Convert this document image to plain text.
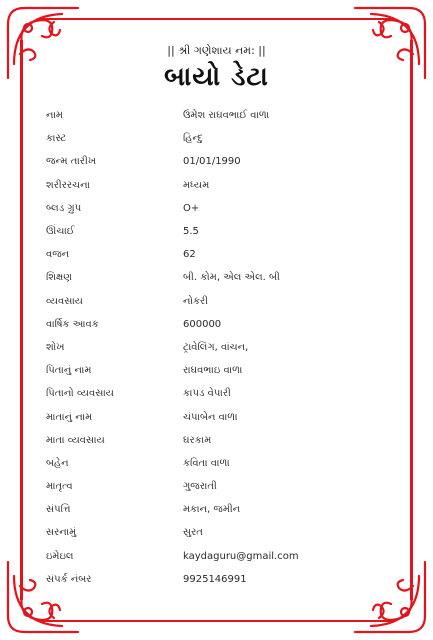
|| શ્રી ગણેશાય નમ: ||
બાયો ડેટા
નામ	ઉમેશ રાઘવભાઈ વાળા
કાસ્ટ	હિન્દુ
જન્મ તારીખ	01/01/1990
શરીરરચના	મધ્યમ
બ્લડ ગ્રુપ	O+
ઊંચાઈ	5.5
વજન	62
શિક્ષણ	બી. કોમ, એલ એલ. બી
વ્યવસાય	નોકરી
વાર્ષિક આવક	600000
શોખ	ટ્રાવેલિંગ, વાંચન,
પિતાનું નામ	રાઘવભાઇ વાળા
પિતાનો વ્યવસાય	કાપડ વેપારી
માતાનું નામ	ચંપાબેન વાળા
માતા વ્યવસાય	ઘરકામ
બહેન	કવિતા વાળા
માતૃત્વ	ગુજરાતી
સંપત્તિ	મકાન, જમીન
સરનામું	સુરત
ઇમેઇલ	kaydaguru@gmail.com
સંપર્ક નંબર	9925146991
